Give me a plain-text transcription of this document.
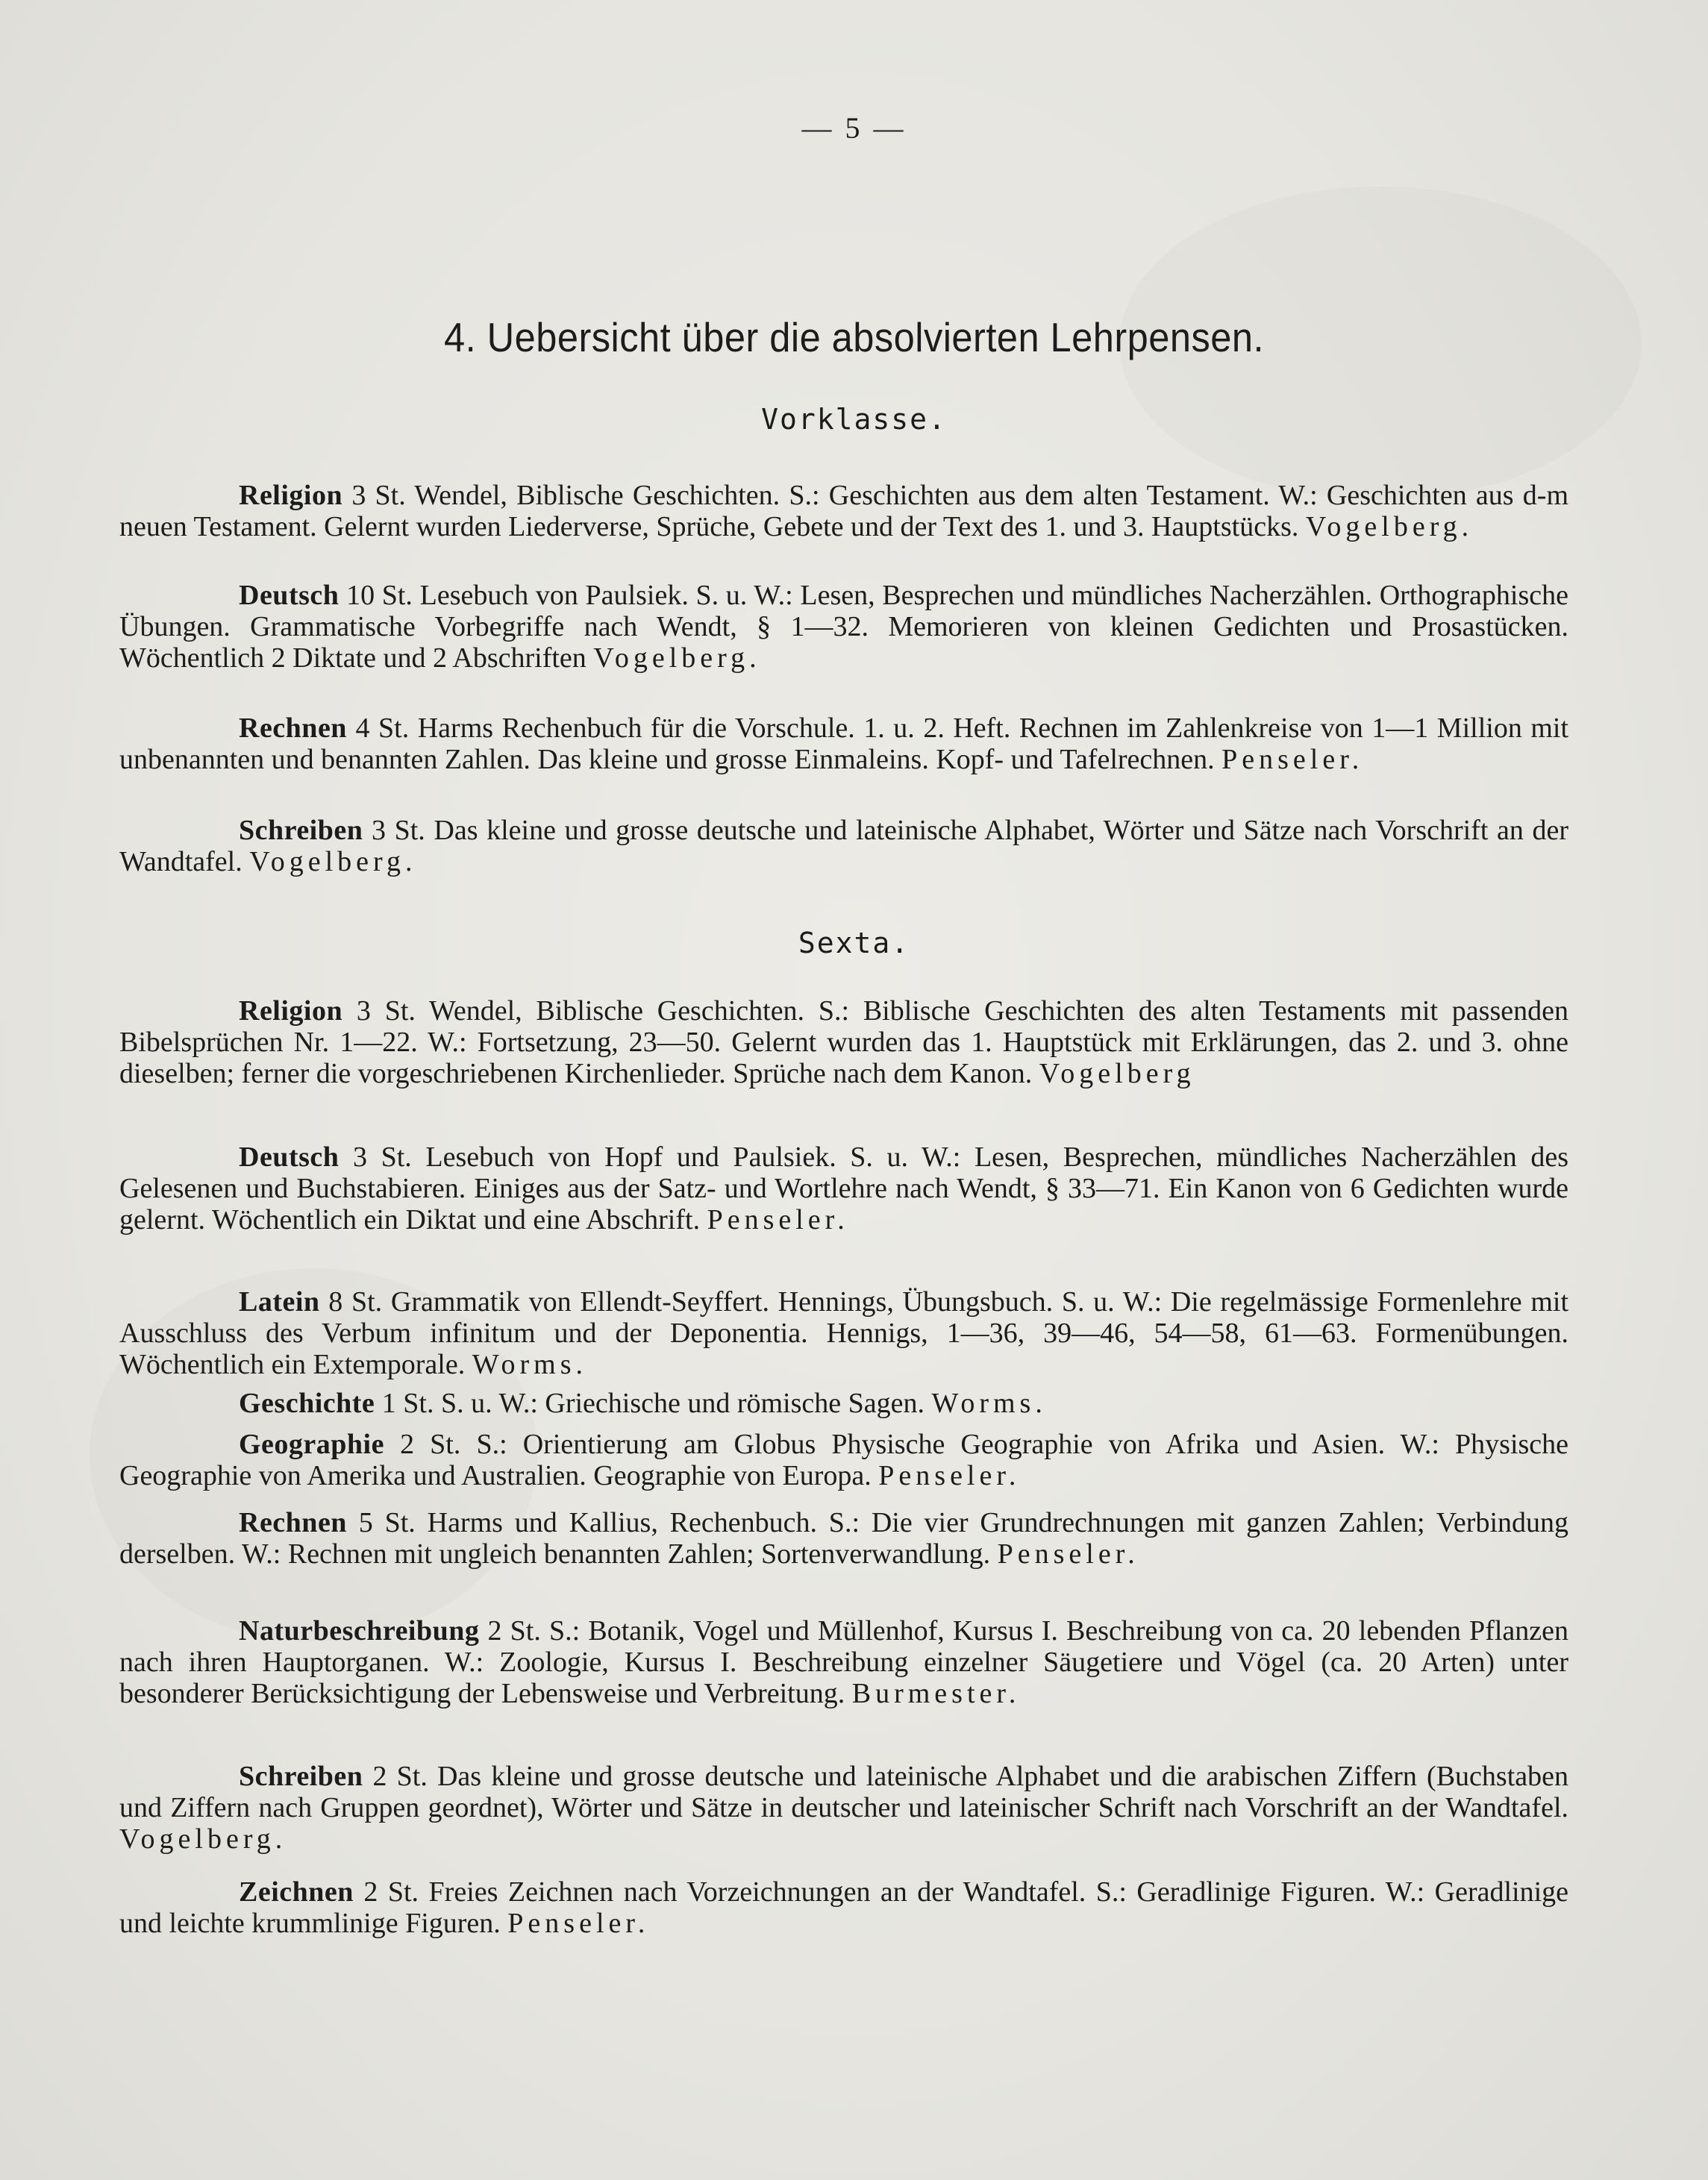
— 5 —
4. Uebersicht über die absolvierten Lehrpensen.
Vorklasse.

Religion 3 St. Wendel, Biblische Geschichten. S.: Geschichten aus dem alten Testament. W.: Geschichten aus d-m neuen Testament. Gelernt wurden Liederverse, Sprüche, Gebete und der Text des 1. und 3. Hauptstücks. Vogelberg.

Deutsch 10 St. Lesebuch von Paulsiek. S. u. W.: Lesen, Besprechen und mündliches Nacherzählen. Orthographische Übungen. Grammatische Vorbegriffe nach Wendt, § 1—32. Memorieren von kleinen Gedichten und Prosastücken. Wöchentlich 2 Diktate und 2 Abschriften Vogelberg.

Rechnen 4 St. Harms Rechenbuch für die Vorschule. 1. u. 2. Heft. Rechnen im Zahlenkreise von 1—1 Million mit unbenannten und benannten Zahlen. Das kleine und grosse Einmaleins. Kopf- und Tafelrechnen. Penseler.

Schreiben 3 St. Das kleine und grosse deutsche und lateinische Alphabet, Wörter und Sätze nach Vorschrift an der Wandtafel. Vogelberg.

Sexta.

Religion 3 St. Wendel, Biblische Geschichten. S.: Biblische Geschichten des alten Testaments mit passenden Bibelsprüchen Nr. 1—22. W.: Fortsetzung, 23—50. Gelernt wurden das 1. Hauptstück mit Erklärungen, das 2. und 3. ohne dieselben; ferner die vorgeschriebenen Kirchenlieder. Sprüche nach dem Kanon. Vogelberg

Deutsch 3 St. Lesebuch von Hopf und Paulsiek. S. u. W.: Lesen, Besprechen, mündliches Nacherzählen des Gelesenen und Buchstabieren. Einiges aus der Satz- und Wortlehre nach Wendt, § 33—71. Ein Kanon von 6 Gedichten wurde gelernt. Wöchentlich ein Diktat und eine Abschrift. Penseler.

Latein 8 St. Grammatik von Ellendt-Seyffert. Hennings, Übungsbuch. S. u. W.: Die regelmässige Formenlehre mit Ausschluss des Verbum infinitum und der Deponentia. Hennigs, 1—36, 39—46, 54—58, 61—63. Formenübungen. Wöchentlich ein Extemporale. Worms.

Geschichte 1 St. S. u. W.: Griechische und römische Sagen. Worms.

Geographie 2 St. S.: Orientierung am Globus Physische Geographie von Afrika und Asien. W.: Physische Geographie von Amerika und Australien. Geographie von Europa. Penseler.

Rechnen 5 St. Harms und Kallius, Rechenbuch. S.: Die vier Grundrechnungen mit ganzen Zahlen; Verbindung derselben. W.: Rechnen mit ungleich benannten Zahlen; Sortenverwandlung. Penseler.

Naturbeschreibung 2 St. S.: Botanik, Vogel und Müllenhof, Kursus I. Beschreibung von ca. 20 lebenden Pflanzen nach ihren Hauptorganen. W.: Zoologie, Kursus I. Beschreibung einzelner Säugetiere und Vögel (ca. 20 Arten) unter besonderer Berücksichtigung der Lebensweise und Verbreitung. Burmester.

Schreiben 2 St. Das kleine und grosse deutsche und lateinische Alphabet und die arabischen Ziffern (Buchstaben und Ziffern nach Gruppen geordnet), Wörter und Sätze in deutscher und lateinischer Schrift nach Vorschrift an der Wandtafel. Vogelberg.

Zeichnen 2 St. Freies Zeichnen nach Vorzeichnungen an der Wandtafel. S.: Geradlinige Figuren. W.: Geradlinige und leichte krummlinige Figuren. Penseler.
